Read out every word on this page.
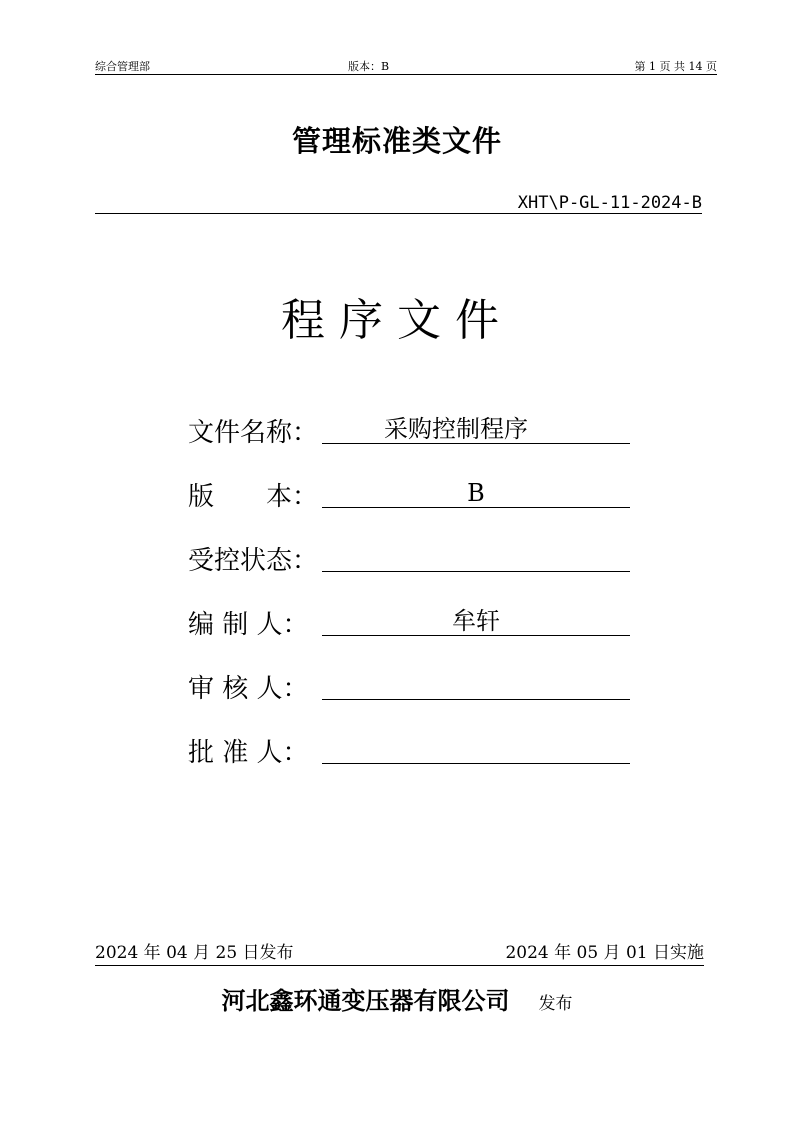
综合管理部	版本：B	第 1 页 共 14 页
管理标准类文件
XHT\P-GL-11-2024-B
程序文件
文件名称：	采购控制程序
版　　本：	B
受控状态：
编 制 人：	牟轩
审 核 人：
批 准 人：
2024 年 04 月 25 日发布	2024 年 05 月 01 日实施
河北鑫环通变压器有限公司 发布
